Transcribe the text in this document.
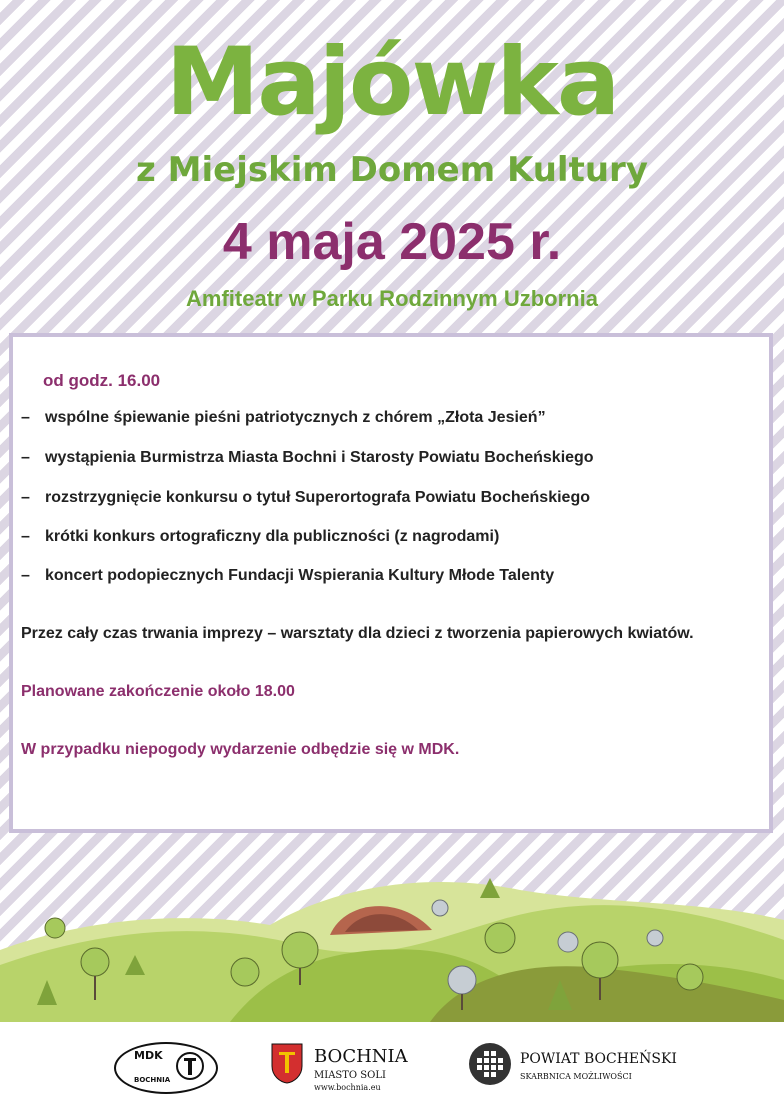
Majówka
z Miejskim Domem Kultury
4 maja 2025 r.
Amfiteatr w Parku Rodzinnym Uzbornia

od godz. 16.00

– wspólne śpiewanie pieśni patriotycznych z chórem „Złota Jesień”

– wystąpienia Burmistrza Miasta Bochni i Starosty Powiatu Bocheńskiego

– rozstrzygnięcie konkursu o tytuł Superortografa Powiatu Bocheńskiego

– krótki konkurs ortograficzny dla publiczności (z nagrodami)

– koncert podopiecznych Fundacji Wspierania Kultury Młode Talenty

Przez cały czas trwania imprezy – warsztaty dla dzieci z tworzenia papierowych kwiatów.

Planowane zakończenie około 18.00

W przypadku niepogody wydarzenie odbędzie się w MDK.

MDK
BOCHNIA
BOCHNIA
MIASTO SOLI
www.bochnia.eu
POWIAT BOCHEŃSKI
SKARBNICA MOŻLIWOŚCI
